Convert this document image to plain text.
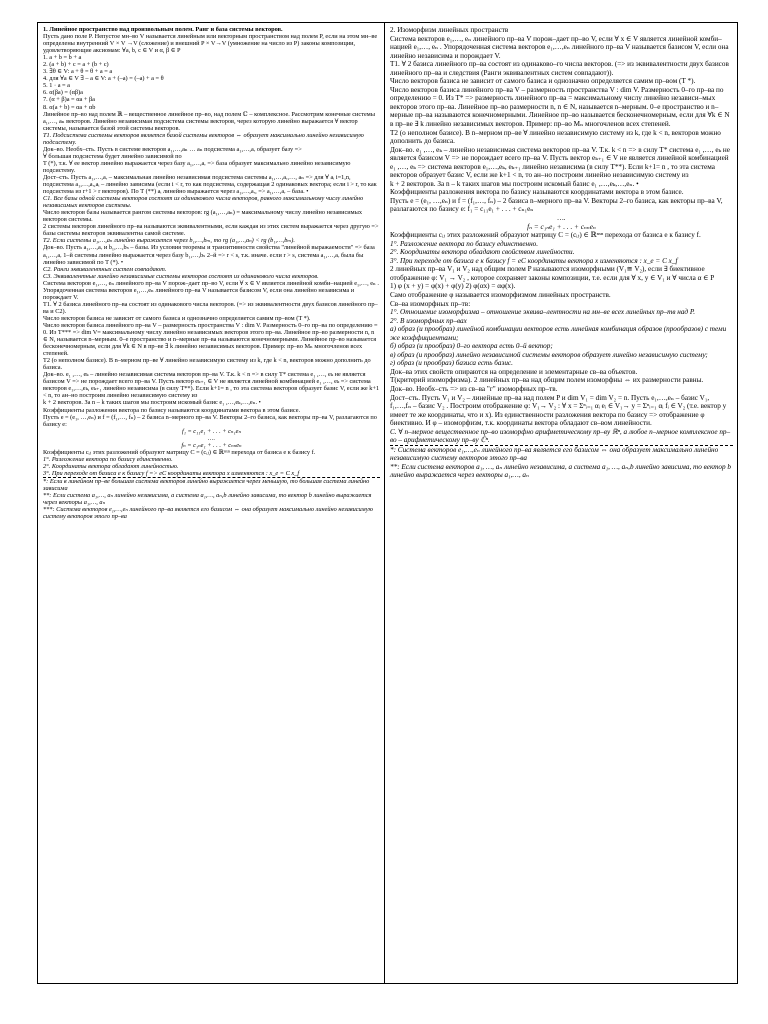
1. Линейное пространство над произвольным полем. Ранг и база системы векторов.

Пусть дано поле P. Непустое мн–во V называется линейным или векторным пространством над полем P, если на этом мн–ве определены внутренний V × V →V (сложение) и внешний P × V→V (умножение на число из P) законы композиции, удовлетворяющие аксиомам: ∀a, b, c ∈ V и α, β ∈ P

1. a + b = b + a

2. (a + b) + c = a + (b + c)

3. ∃θ ∈ V: a + θ = θ + a = a

4. для ∀a ∈ V ∃ – a ∈ V: a + (–a) = (–a) + a = θ

5. 1 · a = a

6. α(βa) = (αβ)a

7. (α + β)a = αa + βa

8. α(a + b) = αa + αb

Линейное пр–во над полем ℝ – вещественное линейное пр–во, над полем ℂ – комплексное. Рассмотрим конечные системы a₁,…, aₙ векторов. Линейно независимая подсистема системы векторов, через которую линейно выражается ∀ вектор системы, называется базой этой системы векторов.

T1. Подсистема системы векторов является базой системы векторов ⇔ образует максимально линейно независимую подсистему.

Док–во. Необх–сть. Пусть в системе векторов a₁,…,aₙ … aₙ подсистема a₁,…,aᵣ образует базу =>

∀ большая подсистема будет линейно зависимой по

T (*), т.к. ∀ ее вектор линейно выражается через базу a₁,…,aᵣ => база образует максимально линейно независимую подсистему.

Дост–сть. Пусть a₁,…,aᵣ – максимальная линейно независимая подсистема системы a₁,…,aᵣ,…, aₙ => для ∀ aᵢ i=1,n, подсистема a₁,…,aᵣ,aᵢ – линейно зависима (если i < r, то как подсистема, содержащая 2 одинаковых вектора; если i > r, то как подсистема из r+1 > r векторов). По T (**) aᵢ линейно выражается через a₁,…,aᵣ, => a₁,…,aᵣ – база. •

C1. Все базы одной системы векторов состоят из одинакового числа векторов, равного максимальному числу линейно независимых векторов системы.

Число векторов базы называется рангом системы векторов: rg (a₁,…,aₙ) = максимальному числу линейно независимых векторов системы.

2 системы векторов линейного пр–ва называются эквивалентными, если каждая из этих систем выражается через другую => базы системы векторов эквивалентна самой системе.

T2. Если системы a₁,…,aₙ линейно выражается через b₁,…,bₘ, то rg (a₁,…,aₙ) < rg (b₁,…,bₘ).

Док–во. Пусть a₁,…,aᵣ и b₁,…,bₛ – базы. Из условия теоремы и транзитивности свойства "линейной выражаемости" => база a₁,…,aᵣ 1–й системы линейно выражается через базу b₁,…,bₛ 2–й => r < s, т.к. иначе. если r > s, система a₁,…,aᵣ была бы линейно зависимой по T (*). •

C2. Ранги эквивалентных систем совпадают.

C3. Эквивалентные линейно независимые системы векторов состоят из одинакового числа векторов.

Система векторов e₁,…, eₙ линейного пр–ва V порож–дает пр–во V, если ∀ x ∈ V является линейной комби–нацией e₁,…, eₙ . Упорядоченная система векторов e₁,…,eₙ линейного пр–ва V называется базисом V, если она линейно независима и порождает V.

T1. ∀ 2 базиса линейного пр–ва состоят из одинакового числа векторов. (=> из эквивалентности двух базисов линейного пр–ва и C2).

Число векторов базиса не зависит от самого базиса и однозначно определяется самим пр–вом (T *).

Число векторов базиса линейного пр–ва V – размерность пространства V : dim V. Размерность 0–го пр–ва по определению = 0. Из T*** => dim V= максимальному числу линейно независимых векторов этого пр–ва. Линейное пр–во размерности n, n ∈ N, называется n–мерным. 0–е пространство и n–мерные пр–ва называются конечномерными. Линейное пр–во называется бесконечномерным, если для ∀k ∈ N в пр–ве ∃ k линейно независимых векторов. Пример: пр–во Mₙ многочленов всех степеней.

T2 (о неполном базисе). В n–мерном пр–ве ∀ линейно независимую систему из k, где k < n, векторов можно дополнить до базиса.

Док–во. e₁ ,…, eₖ – линейно независимая система векторов пр–ва V. Т.к. k < n => в силу T* система e₁ ,…, eₖ не является базисом V => не порождает всего пр–ва V. Пусть вектор eₖ₊₁ ∈ V не является линейной комбинацией e₁ ,…, eₖ => система векторов e₁,…,eₖ, eₖ₊₁ линейно независима (в силу T**). Если k+1= n , то эта система векторов образует базис V, если же k+1 < n, то ан–но построим линейно независимую систему из

k + 2 векторов. За n – k таких шагов мы построим искомый базис e₁ ,…,eₖ,…,eₙ. •

Коэффициенты разложения вектора по базису называются координатами вектора в этом базисе.

Пусть e = (e₁, …,eₙ) и f = (f₁,…, fₙ) – 2 базиса n–мерного пр–ва V. Векторы 2–го базиса, как векторы пр–ва V, разлагаются по базису e:

f₁ = c₁₁e₁ + . . . + cₙ₁eₙ

….

fₙ = c₁ₙe₁ + . . . + cₙₙeₙ

Коэффициенты cᵢⱼ этих разложений образуют матрицу C = (cᵢⱼ) ∈ ℝⁿˣⁿ переходa от базиса e к базису f.

1°. Разложение вектора по базису единственно.

2°. Координаты вектора обладают линейностью.

3°. При переходе от базиса e к базису f => eC координаты вектора x изменяются : x_e = C x_f

*: Если в линейном пр–ве большая система векторов линейно выражается через меньшую, то большая система линейно зависима

**: Если система a₁,…, aₙ линейно независима, а система a₁,…, aₙ,b линейно зависима, то вектор b линейно выражается через векторы a₁,…, aₙ

***: Система векторов e₁,…,eₙ линейного пр–ва является его базисом ⇔ она образует максимально линейно независимую систему векторов этого пр–ва

2. Изоморфизм линейных пространств

Система векторов e₁,…, eₙ линейного пр–ва V порож–дает пр–во V, если ∀ x ∈ V является линейной комби–нацией e₁,…, eₙ . Упорядоченная система векторов e₁,…,eₙ линейного пр–ва V называется базисом V, если она линейно независима и порождает V.

T1. ∀ 2 базиса линейного пр–ва состоят из одинаково–го числа векторов. (=> из эквивалентности двух базисов линейного пр–ва и следствия (Ранги эквивалентных систем совпадают)).

Число векторов базиса не зависит от самого базиса и однозначно определяется самим пр–вом (T *).

Число векторов базиса линейного пр–ва V – размерность пространства V : dim V. Размерность 0–го пр–ва по определению = 0. Из T* => размерность линейного пр–ва = максимальному числу линейно независи–мых векторов этого пр–ва. Линейное пр–во размерности n, n ∈ N, называется n–мерным. 0–е пространство и n–мерные пр–ва называются конечномерными. Линейное пр–во называется бесконечномерным, если для ∀k ∈ N в пр–ве ∃ k линейно независимых векторов. Пример: пр–во Mₙ многочленов всех степеней.

T2 (о неполном базисе). В n–мерном пр–ве ∀ линейно независимую систему из k, где k < n, векторов можно дополнить до базиса.

Док–во. e₁ ,…, eₖ – линейно независимая система векторов пр–ва V. Т.к. k < n => в силу T* система e₁ ,…, eₖ не является базисом V => не порождает всего пр–ва V. Пусть вектор eₖ₊₁ ∈ V не является линейной комбинацией e₁ ,…, eₖ => система векторов e₁,…,eₖ, eₖ₊₁ линейно независима (в силу T**). Если k+1= n , то эта система векторов образует базис V, если же k+1 < n, то ан–но построим линейно независимую систему из

k + 2 векторов. За n – k таких шагов мы построим искомый базис e₁ ,…,eₖ,…,eₙ. •

Коэффициенты разложения вектора по базису называются координатами вектора в этом базисе.

Пусть e = (e₁, …,eₙ) и f = (f₁,…, fₙ) – 2 базиса n–мерного пр–ва V. Векторы 2–го базиса, как векторы пр–ва V, разлагаются по базису e: f₁ = c₁₁e₁ + . . . + cₙ₁eₙ

….

fₙ = c₁ₙe₁ + . . . + cₙₙeₙ

Коэффициенты cᵢⱼ этих разложений образуют матрицу C = (cᵢⱼ) ∈ ℝⁿˣⁿ перехода от базиса e к базису f.

1°. Разложение вектора по базису единственно.

2°. Координаты вектора обладают свойством линейности.

3°. При переходе от базиса e к базису f = eC координаты вектора x изменяются : x_e = C x_f

2 линейных пр–ва V₁ и V₂ над общим полем P называются изоморфными (V₁≅ V₂), если ∃ биективное отображение φ: V₁ → V₂ , которое сохраняет законы композиции, т.е. если для ∀ x, y ∈ V₁ и ∀ числа α ∈ P

1) φ (x + y) = φ(x) + φ(y) 2) φ(αx) = αφ(x).

Само отображение φ называется изоморфизмом линейных пространств.

Св–ва изоморфных пр–тв:

1°. Отношение изоморфизма – отношение эквива–лентности на мн–ве всех линейных пр–тв над P.

2°. В изоморфных пр–вах

a) образ (и прообраз) линейной комбинации векторов есть линейная комбинация образов (прообразов) с теми же коэффициентами;

б) образ (и прообраз) 0–го вектора есть 0–й вектор;

в) образ (и прообраз) линейно независимой системы векторов образует линейно независимую систему;

г) образ (и прообраз) базиса есть базис.

Док–ва этих свойств опираются на определение и элементарные св–ва объектов.

T(критерий изоморфизма). 2 линейных пр–ва над общим полем изоморфны ⇔ их размерности равны.

Док–во. Необх–сть => из св–ва "г" изоморфных пр–тв.

Дост–сть. Пусть V₁ и V₂ – линейные пр–ва над полем P и dim V₁ = dim V₂ = n. Пусть e₁,…,eₙ – базис V₁,

f₁,…,fₙ – базис V₂ . Построим отображение φ: V₁→ V₂ : ∀ x = Σⁿᵢ₌₁ αᵢ eᵢ ∈ V₁→ y = Σⁿᵢ₌₁ αᵢ fᵢ ∈ V₂ (т.е. вектор y имеет те же координаты, что и x). Из единственности разложения вектора по базису => отображение φ биективно. И φ – изоморфизм, т.к. координаты вектора обладают св–вом линейности.

C. ∀ n–мерное вещественное пр–во изоморфно арифметическому пр–ву ℝⁿ, а любое n–мерное комплексное пр–во – арифметическому пр–ву ℂⁿ.

*: Система векторов e₁,…,eₙ линейного пр–ва является его базисом ⇔ она образует максимально линейно независимую систему векторов этого пр–ва

**: Если система векторов a₁, …, aₙ линейно независима, а система a₁, …, aₙ,b линейно зависима, то вектор b линейно выражается через векторы a₁,…, aₙ
